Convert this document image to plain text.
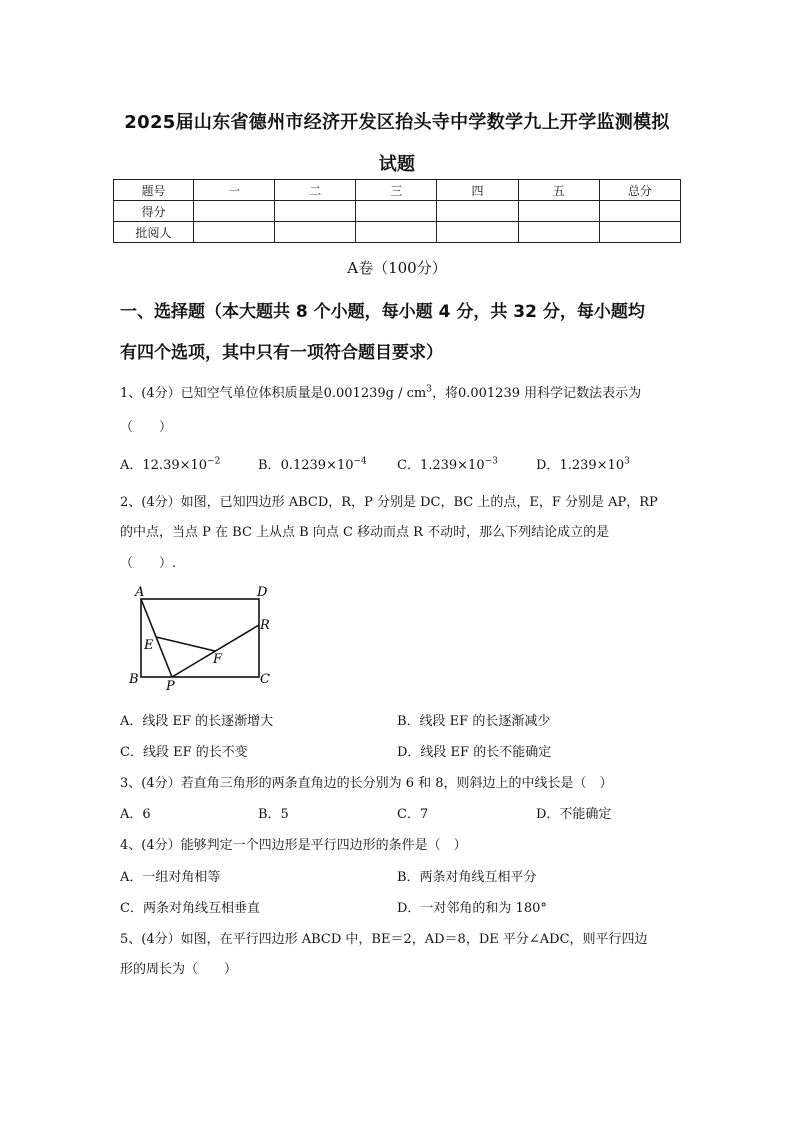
2025届山东省德州市经济开发区抬头寺中学数学九上开学监测模拟
试题
题号	一	二	三	四	五	总分
得分						
批阅人						
A卷（100分）
一、选择题（本大题共 8 个小题，每小题 4 分，共 32 分，每小题均
有四个选项，其中只有一项符合题目要求）
1、(4分）已知空气单位体积质量是$0.001239g / cm^3$，将0.001239 用科学记数法表示为
（　　）
A．$12.39\times 10^{-2}$	B．$0.1239\times 10^{-4}$ C．$1.239\times 10^{-3}$	D．$1.239\times 10^3$
2、(4分）如图，已知四边形 ABCD，R，P 分别是 DC，BC 上的点，E，F 分别是 AP，RP
的中点，当点 P 在 BC 上从点 B 向点 C 移动而点 R 不动时，那么下列结论成立的是
（　　）.
A	D
B	C
E
F
P
R
A．线段 EF 的长逐渐增大	B．线段 EF 的长逐渐减少
C．线段 EF 的长不变	D．线段 EF 的长不能确定
3、(4分）若直角三角形的两条直角边的长分别为 6 和 8，则斜边上的中线长是（　）
A．6	B．5	C．7	D．不能确定
4、(4分）能够判定一个四边形是平行四边形的条件是（　）
A．一组对角相等	B．两条对角线互相平分
C．两条对角线互相垂直	D．一对邻角的和为 180°
5、(4分）如图，在平行四边形 ABCD 中，BE＝2，AD＝8，DE 平分∠ADC，则平行四边
形的周长为（　　）
